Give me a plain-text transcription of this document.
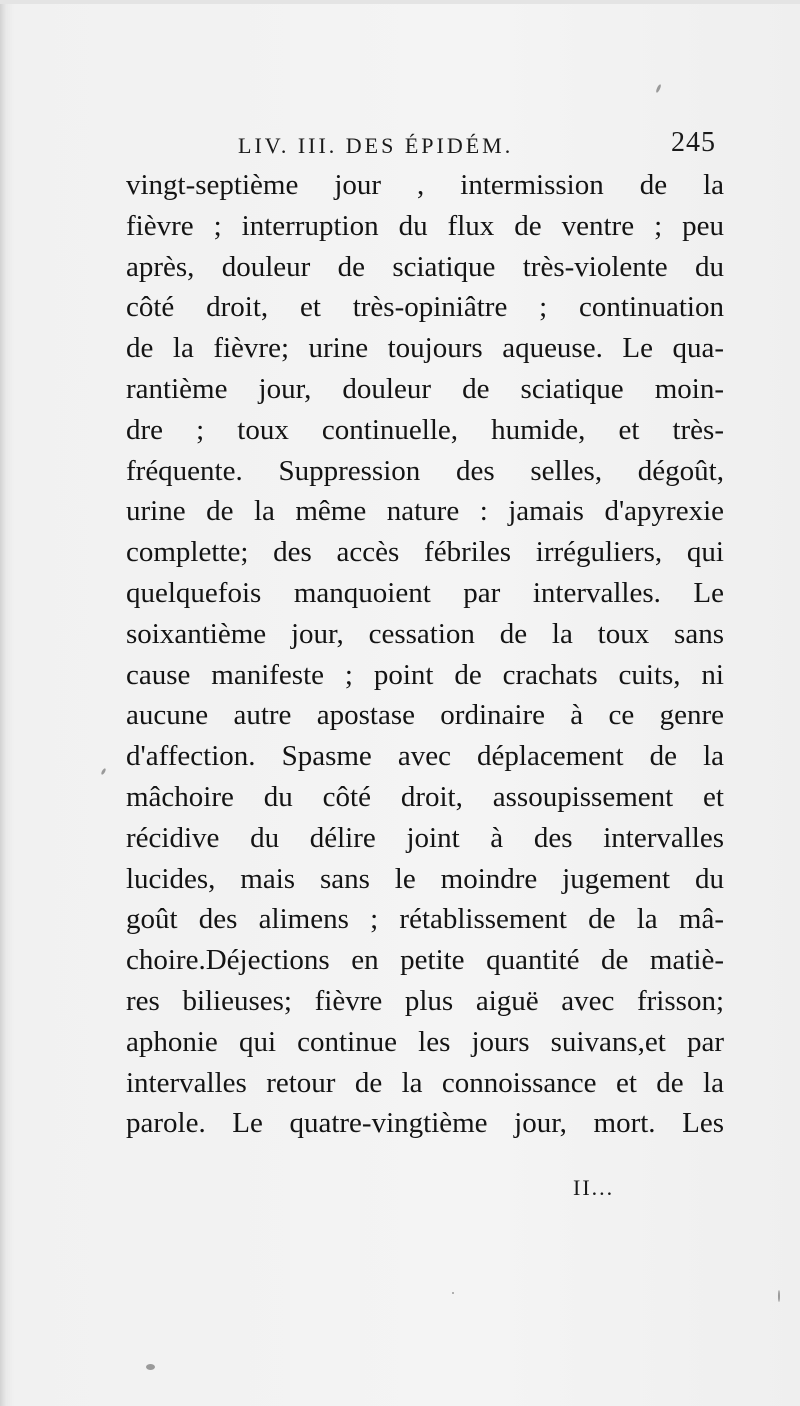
LIV. III. DES ÉPIDÉM.	245
vingt-septième jour , intermission de la
fièvre ; interruption du flux de ventre ; peu
après, douleur de sciatique très-violente du
côté droit, et très-opiniâtre ; continuation
de la fièvre; urine toujours aqueuse. Le qua-
rantième jour, douleur de sciatique moin-
dre ; toux continuelle, humide, et très-
fréquente. Suppression des selles, dégoût,
urine de la même nature : jamais d'apyrexie
complette; des accès fébriles irréguliers, qui
quelquefois manquoient par intervalles. Le
soixantième jour, cessation de la toux sans
cause manifeste ; point de crachats cuits, ni
aucune autre apostase ordinaire à ce genre
d'affection. Spasme avec déplacement de la
mâchoire du côté droit, assoupissement et
récidive du délire joint à des intervalles
lucides, mais sans le moindre jugement du
goût des alimens ; rétablissement de la mâ-
choire.Déjections en petite quantité de matiè-
res bilieuses; fièvre plus aiguë avec frisson;
aphonie qui continue les jours suivans,et par
intervalles retour de la connoissance et de la
parole. Le quatre-vingtième jour, mort. Les
II...
